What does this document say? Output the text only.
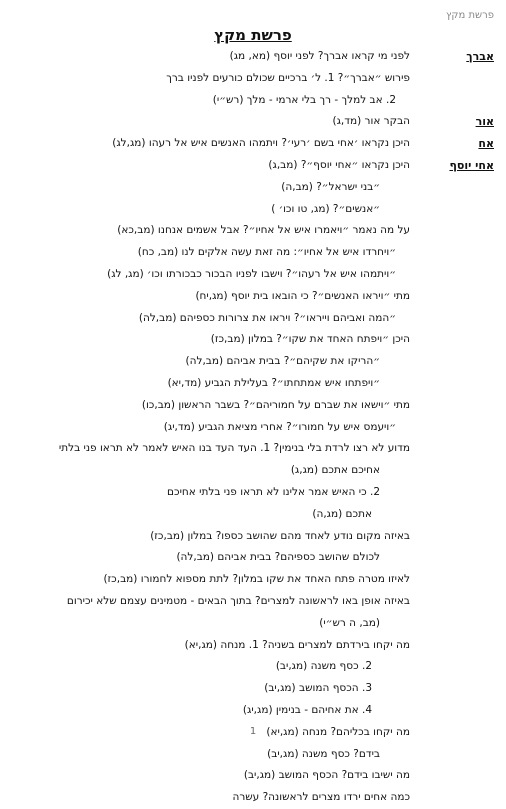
פרשת מקץ
פרשת מקץ
אברך
לפני מי קראו אברך? לפני יוסף (מא, מג)
פירוש ״אברך״? 1. ל׳ ברכיים שכולם כורעים לפניו ברך
2. אב למלך - רך בלי ארמי - מלך (רש״י)
אור
הבקר אור (מד,ג)
אח
היכן נקראו ׳אחי בשם ׳רעי׳? ויתמהו האנשים איש אל רעהו (מג,לג)
אחי יוסף
היכן נקראו ״אחי יוסף״? (מב,ג)
״בני ישראל״? (מב,ה)
״אנשים״? (מג, טו וכו׳ )
על מה נאמר ״ויאמרו איש אל אחיו״? אבל אשמים אנחנו (מב,כא)
״ויחרדו איש אל אחיו״: מה זאת עשה אלקים לנו (מב, כח)
״ויתמהו איש אל רעהו״? וישבו לפניו הבכור כבכורתו וכו׳ (מג, לג)
מתי ״ויראו האנשים״? כי הובאו בית יוסף (מג,יח)
״המה ואביהם וייראו״? ויראו את צרורות כספיהם (מב,לה)
היכן ״ויפתח האחד את שקו״? במלון (מב,כז)
״הריקו את שקיהם״? בבית אביהם (מב,לה)
״ויפתחו איש אמתחתו״? בעלילת הגביע (מד,יא)
מתי ״וישאו את שברם על חמוריהם״? בשבר הראשון (מב,כו)
״ויעמס איש על חמורו״? אחרי מציאת הגביע (מד,יג)
מדוע לא רצו לרדת בלי בנימין? 1. העד העד בנו האיש לאמר לא תראו פני בלתי
אחיכם אתכם (מג,ג)
2. כי האיש אמר אלינו לא תראו פני בלתי אחיכם
אתכם (מג,ה)
באיזה מקום נודע לאחד מהם שהושב כספו? במלון (מב,כז)
לכולם שהושב כספיהם? בבית אביהם (מב,לה)
לאיזו מטרה פתח האחד את שקו במלון? לתת מספוא לחמורו (מב,כז)
באיזה אופן באו לראשונה למצרים? בתוך הבאים - מטמינים עצמם שלא יכירום
(מב, ה רש״י)
מה יקחו בירדתם למצרים בשניה? 1. מנחה (מג,יא)
2. כסף משנה (מג,יב)
3. הכסף המושב (מג,יב)
4. את אחיהם - בנימין (מג,יג)
מה יקחו בכליהם? מנחה (מג,יא)
בידם? כסף משנה (מג,יב)
מה ישיבו בידם? הכסף המושב (מג,יב)
כמה אחים ירדו מצרים לראשונה? עשרה
1
